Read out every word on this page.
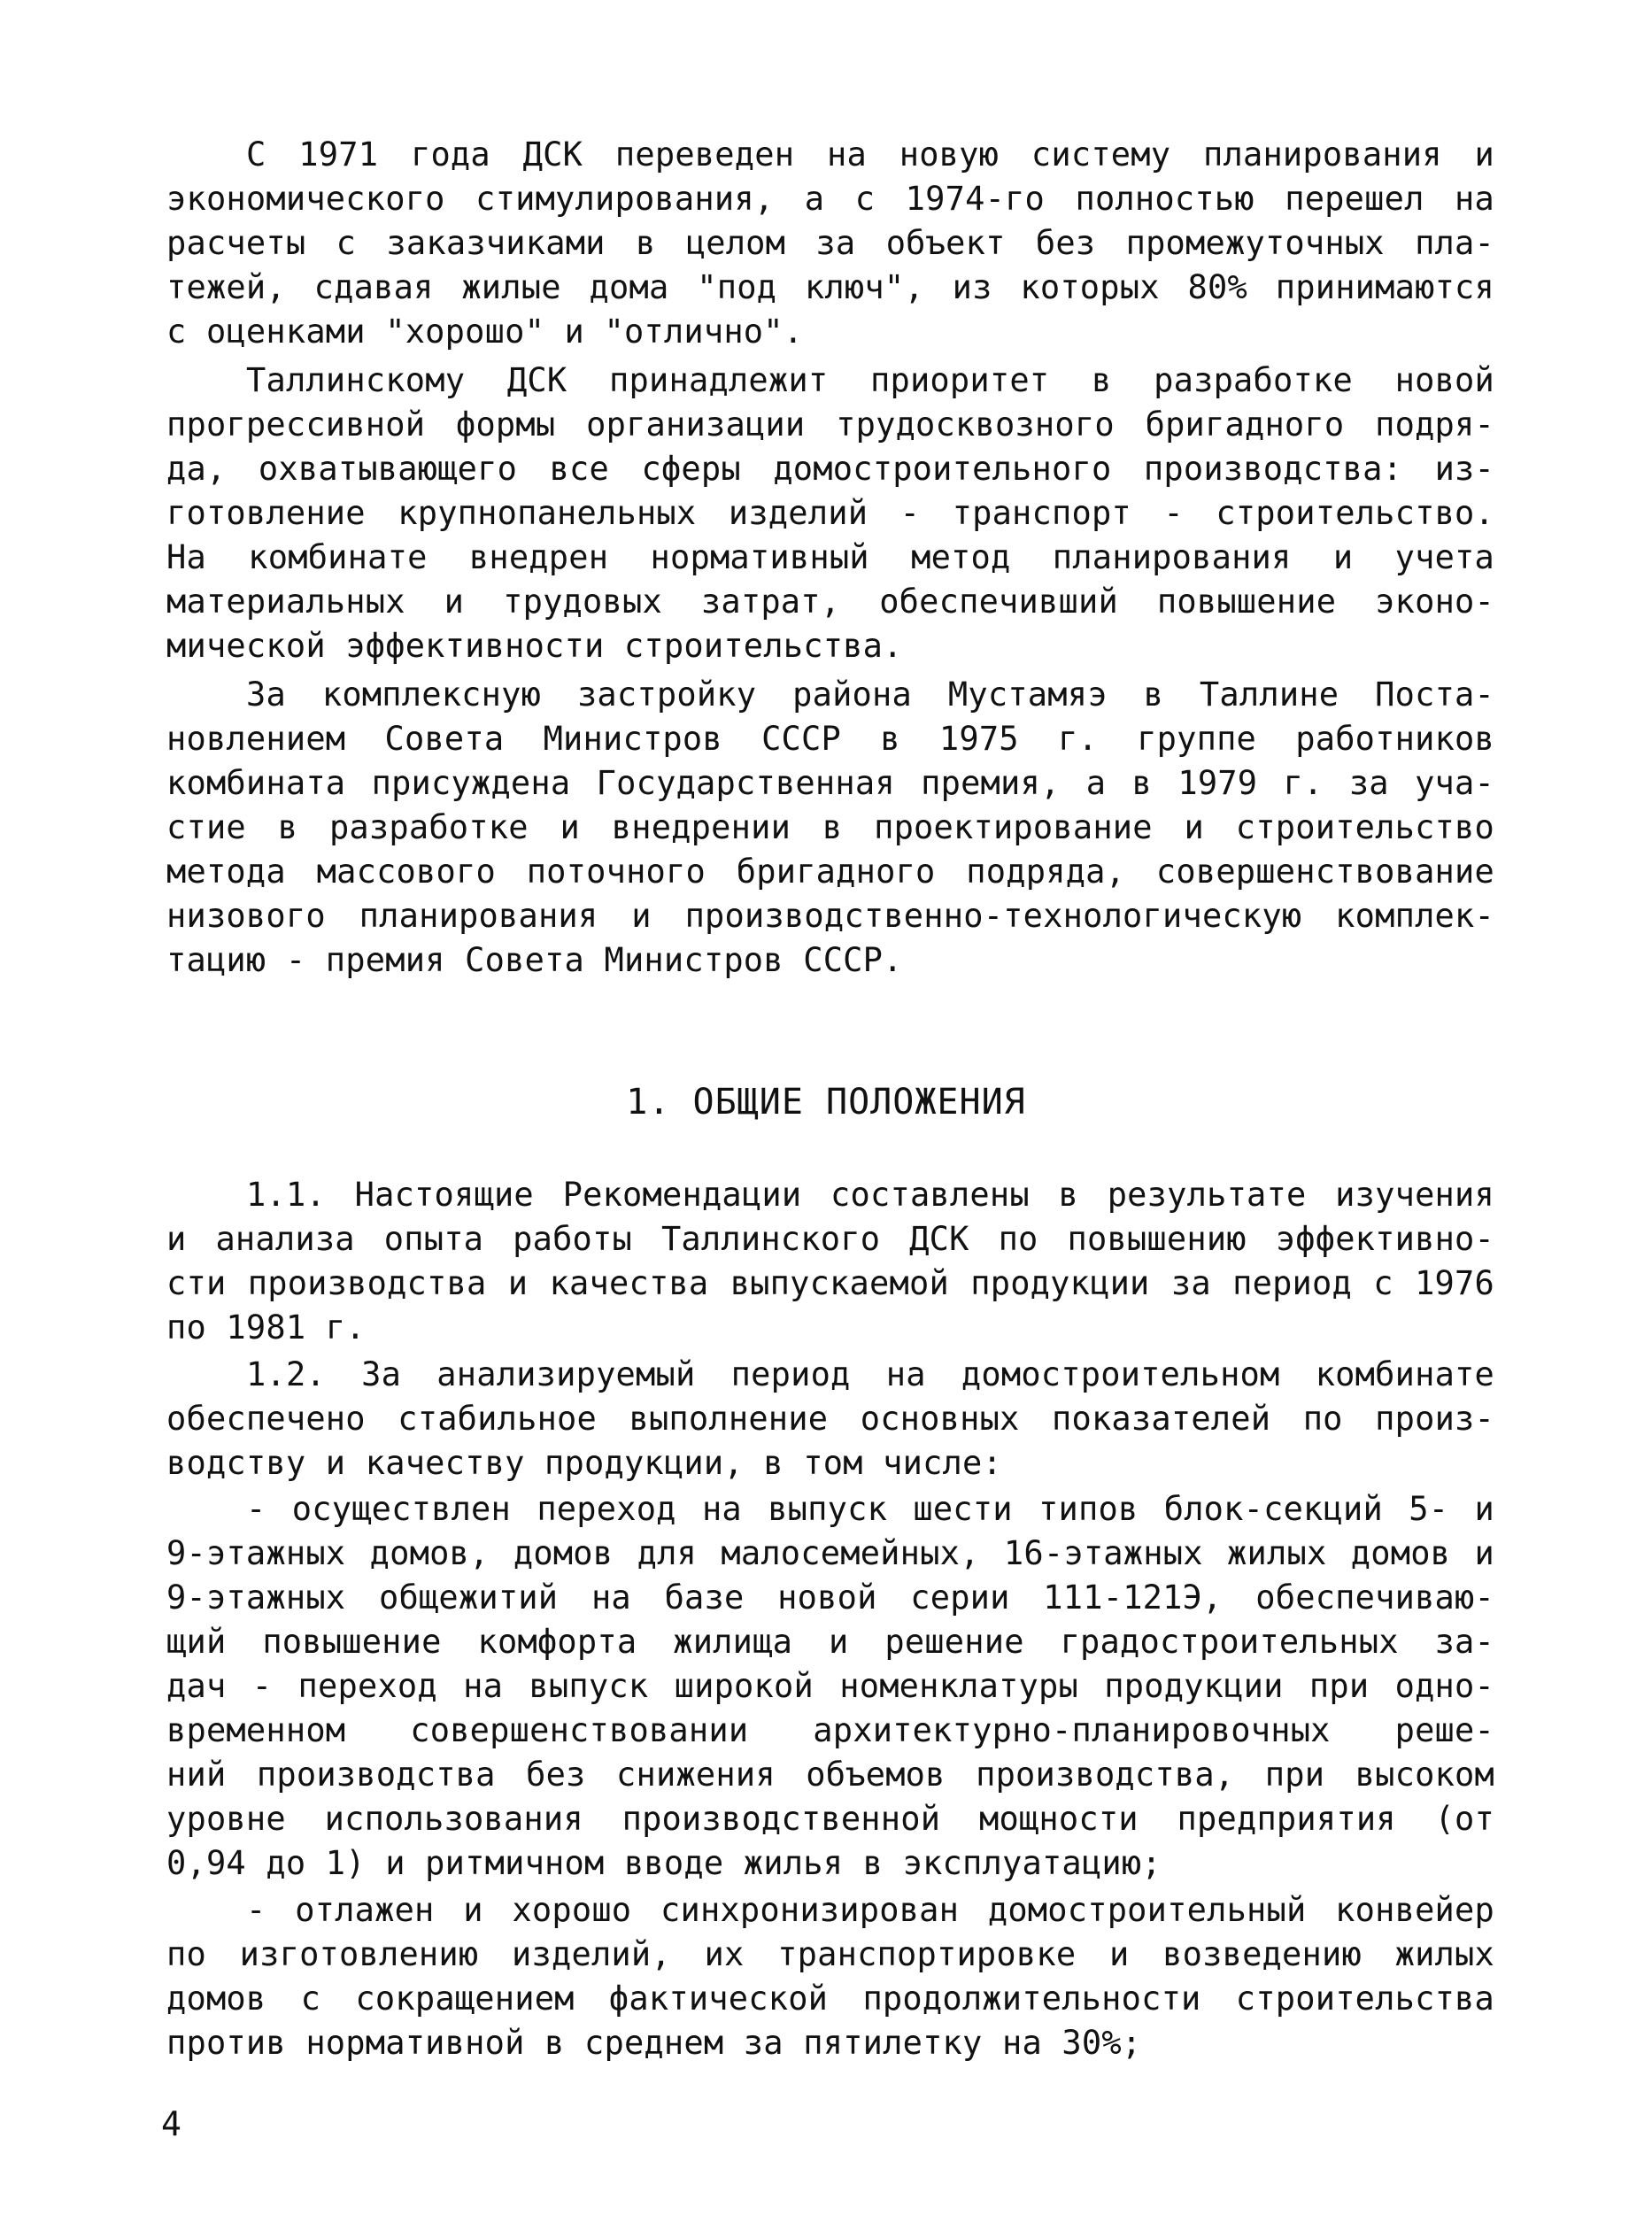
С 1971 года ДСК переведен на новую систему планирования и
экономического стимулирования, а с 1974-го полностью перешел на
расчеты с заказчиками в целом за объект без промежуточных пла-
тежей, сдавая жилые дома "под ключ", из которых 80% принимаются
с оценками "хорошо" и "отлично".
Таллинскому ДСК принадлежит приоритет в разработке новой
прогрессивной формы организации трудосквозного бригадного подря-
да, охватывающего все сферы домостроительного производства: из-
готовление крупнопанельных изделий - транспорт - строительство.
На комбинате внедрен нормативный метод планирования и учета
материальных и трудовых затрат, обеспечивший повышение эконо-
мической эффективности строительства.
За комплексную застройку района Мустамяэ в Таллине Поста-
новлением Совета Министров СССР в 1975 г. группе работников
комбината присуждена Государственная премия, а в 1979 г. за уча-
стие в разработке и внедрении в проектирование и строительство
метода массового поточного бригадного подряда, совершенствование
низового планирования и производственно-технологическую комплек-
тацию - премия Совета Министров СССР.
1. ОБЩИЕ ПОЛОЖЕНИЯ
1.1. Настоящие Рекомендации составлены в результате изучения
и анализа опыта работы Таллинского ДСК по повышению эффективно-
сти производства и качества выпускаемой продукции за период с 1976
по 1981 г.
1.2. За анализируемый период на домостроительном комбинате
обеспечено стабильное выполнение основных показателей по произ-
водству и качеству продукции, в том числе:
- осуществлен переход на выпуск шести типов блок-секций 5- и
9-этажных домов, домов для малосемейных, 16-этажных жилых домов и
9-этажных общежитий на базе новой серии 111-121Э, обеспечиваю-
щий повышение комфорта жилища и решение градостроительных за-
дач - переход на выпуск широкой номенклатуры продукции при одно-
временном совершенствовании архитектурно-планировочных реше-
ний производства без снижения объемов производства, при высоком
уровне использования производственной мощности предприятия (от
0,94 до 1) и ритмичном вводе жилья в эксплуатацию;
- отлажен и хорошо синхронизирован домостроительный конвейер
по изготовлению изделий, их транспортировке и возведению жилых
домов с сокращением фактической продолжительности строительства
против нормативной в среднем за пятилетку на 30%;
4
